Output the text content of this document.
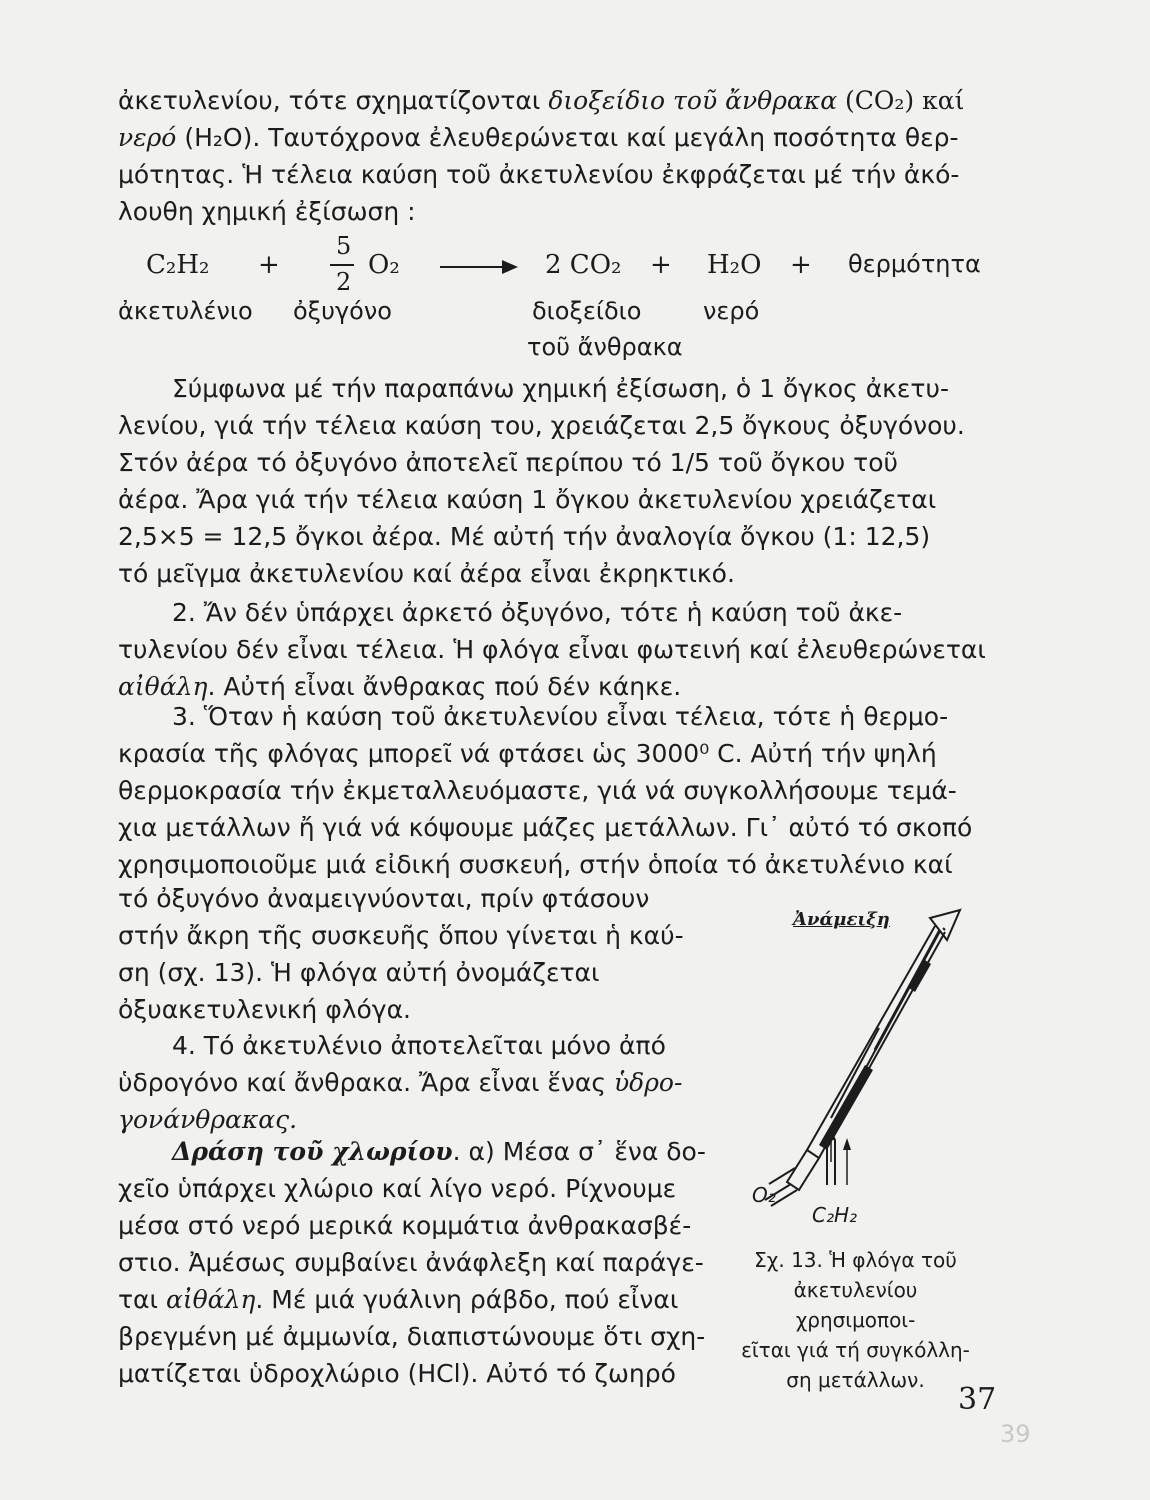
ἀκετυλενίου, τότε σχηματίζονται διοξείδιο τοῦ ἄνθρακα (CO₂) καί
νερό (H₂O). Ταυτόχρονα ἐλευθερώνεται καί μεγάλη ποσότητα θερ-
μότητας. Ἡ τέλεια καύση τοῦ ἀκετυλενίου ἐκφράζεται μέ τήν ἀκό-
λουθη χημική ἐξίσωση :
C₂H₂ +
5
2
O₂	2 CO₂ + H₂O + θερμότητα
ἀκετυλένιο ὀξυγόνο	διοξείδιο	νερό
τοῦ ἄνθρακα
Σύμφωνα μέ τήν παραπάνω χημική ἐξίσωση, ὁ 1 ὄγκος ἀκετυ-
λενίου, γιά τήν τέλεια καύση του, χρειάζεται 2,5 ὄγκους ὀξυγόνου.
Στόν ἀέρα τό ὀξυγόνο ἀποτελεῖ περίπου τό 1/5 τοῦ ὄγκου τοῦ
ἀέρα. Ἄρα γιά τήν τέλεια καύση 1 ὄγκου ἀκετυλενίου χρειάζεται
2,5×5 = 12,5 ὄγκοι ἀέρα. Μέ αὐτή τήν ἀναλογία ὄγκου (1: 12,5)
τό μεῖγμα ἀκετυλενίου καί ἀέρα εἶναι ἐκρηκτικό.
2. Ἄν δέν ὑπάρχει ἀρκετό ὀξυγόνο, τότε ἡ καύση τοῦ ἀκε-
τυλενίου δέν εἶναι τέλεια. Ἡ φλόγα εἶναι φωτεινή καί ἐλευθερώνεται
αἰθάλη. Αὐτή εἶναι ἄνθρακας πού δέν κάηκε.
3. Ὅταν ἡ καύση τοῦ ἀκετυλενίου εἶναι τέλεια, τότε ἡ θερμο-
κρασία τῆς φλόγας μπορεῖ νά φτάσει ὡς 3000⁰ C. Αὐτή τήν ψηλή
θερμοκρασία τήν ἐκμεταλλευόμαστε, γιά νά συγκολλήσουμε τεμά-
χια μετάλλων ἤ γιά νά κόψουμε μάζες μετάλλων. Γι᾽ αὐτό τό σκοπό
χρησιμοποιοῦμε μιά εἰδική συσκευή, στήν ὁποία τό ἀκετυλένιο καί
τό ὀξυγόνο ἀναμειγνύονται, πρίν φτάσουν
στήν ἄκρη τῆς συσκευῆς ὅπου γίνεται ἡ καύ-
ση (σχ. 13). Ἡ φλόγα αὐτή ὀνομάζεται
ὀξυακετυλενική φλόγα.
4. Τό ἀκετυλένιο ἀποτελεῖται μόνο ἀπό
ὑδρογόνο καί ἄνθρακα. Ἄρα εἶναι ἕνας ὑδρο-
γονάνθρακας.
Δράση τοῦ χλωρίου. α) Μέσα σ᾽ ἕνα δο-
χεῖο ὑπάρχει χλώριο καί λίγο νερό. Ρίχνουμε
μέσα στό νερό μερικά κομμάτια ἀνθρακασβέ-
στιο. Ἀμέσως συμβαίνει ἀνάφλεξη καί παράγε-
ται αἰθάλη. Μέ μιά γυάλινη ράβδο, πού εἶναι
βρεγμένη μέ ἀμμωνία, διαπιστώνουμε ὅτι σχη-
ματίζεται ὑδροχλώριο (HCl). Αὐτό τό ζωηρό
Ἀνάμειξη
O₂
C₂H₂
Σχ. 13. Ἡ φλόγα τοῦ
ἀκετυλενίου χρησιμοποι-
εῖται γιά τή συγκόλλη-
ση μετάλλων.
37
39
